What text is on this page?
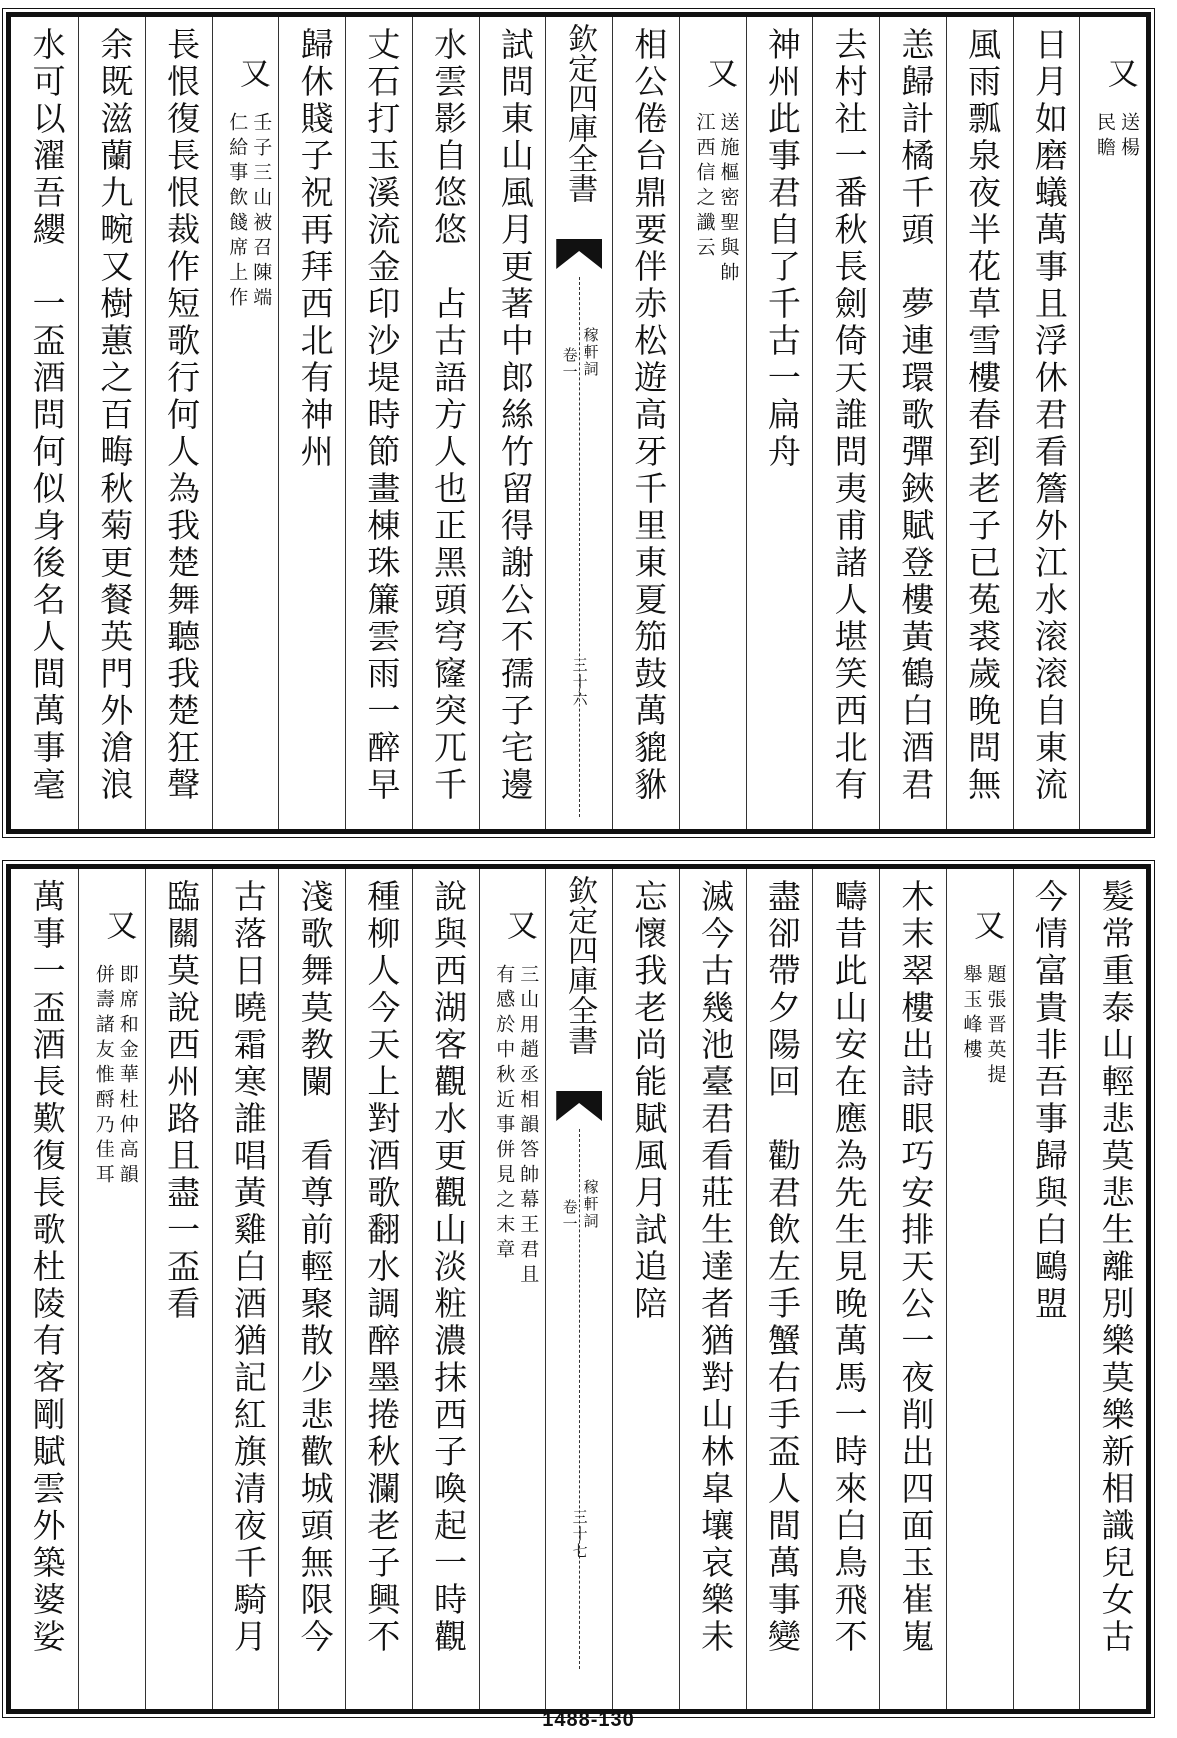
又
送楊
民瞻
日月如磨蟻萬事且浮休君看簷外江水滚滚自東流
風雨瓢泉夜半花草雪樓春到老子已菟裘歲晚問無
恙歸計橘千頭　夢連環歌彈鋏賦登樓黃鶴白酒君
去村社一番秋長劍倚天誰問夷甫諸人堪笑西北有
神州此事君自了千古一扁舟
又
送施樞密聖與帥
江西信之讖云
相公倦台鼎要伴赤松遊高牙千里東夏笳鼓萬貔貅
欽定四庫全書
稼軒詞
卷一
三十六
試問東山風月更著中郎絲竹留得謝公不孺子宅邊
水雲影自悠悠　占古語方人也正黑頭穹窿突兀千
丈石打玉溪流金印沙堤時節畫棟珠簾雲雨一醉早
歸休賤子祝再拜西北有神州
又
壬子三山被召陳端
仁給事飲餞席上作
長恨復長恨裁作短歌行何人為我楚舞聽我楚狂聲
余既滋蘭九畹又樹蕙之百畮秋菊更餐英門外滄浪
水可以濯吾纓　一盃酒問何似身後名人間萬事毫
髮常重泰山輕悲莫悲生離別樂莫樂新相識兒女古
今情富貴非吾事歸與白鷗盟
又
題張晋英提
舉玉峰樓
木末翠樓出詩眼巧安排天公一夜削出四面玉崔嵬
疇昔此山安在應為先生見晚萬馬一時來白鳥飛不
盡卻帶夕陽回　勸君飲左手蟹右手盃人間萬事變
滅今古幾池臺君看莊生達者猶對山林皐壤哀樂未
忘懷我老尚能賦風月試追陪
欽定四庫全書
稼軒詞
卷一
三十七
又
三山用趙丞相韻答帥幕王君且
有感於中秋近事併見之末章
說與西湖客觀水更觀山淡粧濃抹西子喚起一時觀
種柳人今天上對酒歌翻水調醉墨捲秋瀾老子興不
淺歌舞莫教闌　看尊前輕聚散少悲歡城頭無限今
古落日曉霜寒誰唱黃雞白酒猶記紅旗清夜千騎月
臨關莫說西州路且盡一盃看
又
即席和金華杜仲高韻
併壽諸友惟酹乃佳耳
萬事一盃酒長歎復長歌杜陵有客剛賦雲外築婆娑
1488-130
